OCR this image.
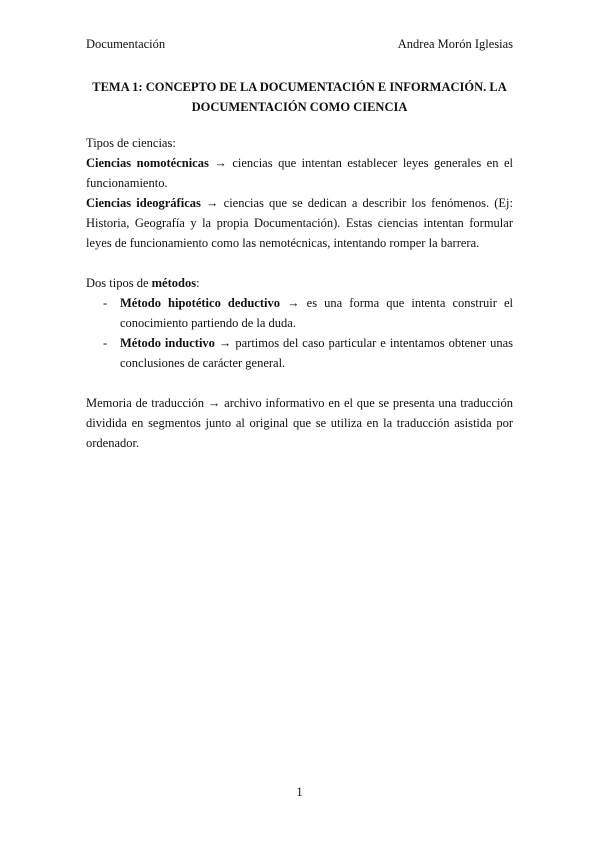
Documentación	Andrea Morón Iglesias
TEMA 1: CONCEPTO DE LA DOCUMENTACIÓN E INFORMACIÓN. LA
DOCUMENTACIÓN COMO CIENCIA

Tipos de ciencias:

Ciencias nomotécnicas → ciencias que intentan establecer leyes generales en el funcionamiento.

Ciencias ideográficas → ciencias que se dedican a describir los fenómenos. (Ej: Historia, Geografía y la propia Documentación). Estas ciencias intentan formular leyes de funcionamiento como las nemotécnicas, intentando romper la barrera.

Dos tipos de métodos:

- Método hipotético deductivo → es una forma que intenta construir el conocimiento partiendo de la duda.
- Método inductivo → partimos del caso particular e intentamos obtener unas conclusiones de carácter general.

Memoria de traducción → archivo informativo en el que se presenta una traducción dividida en segmentos junto al original que se utiliza en la traducción asistida por ordenador.

1
